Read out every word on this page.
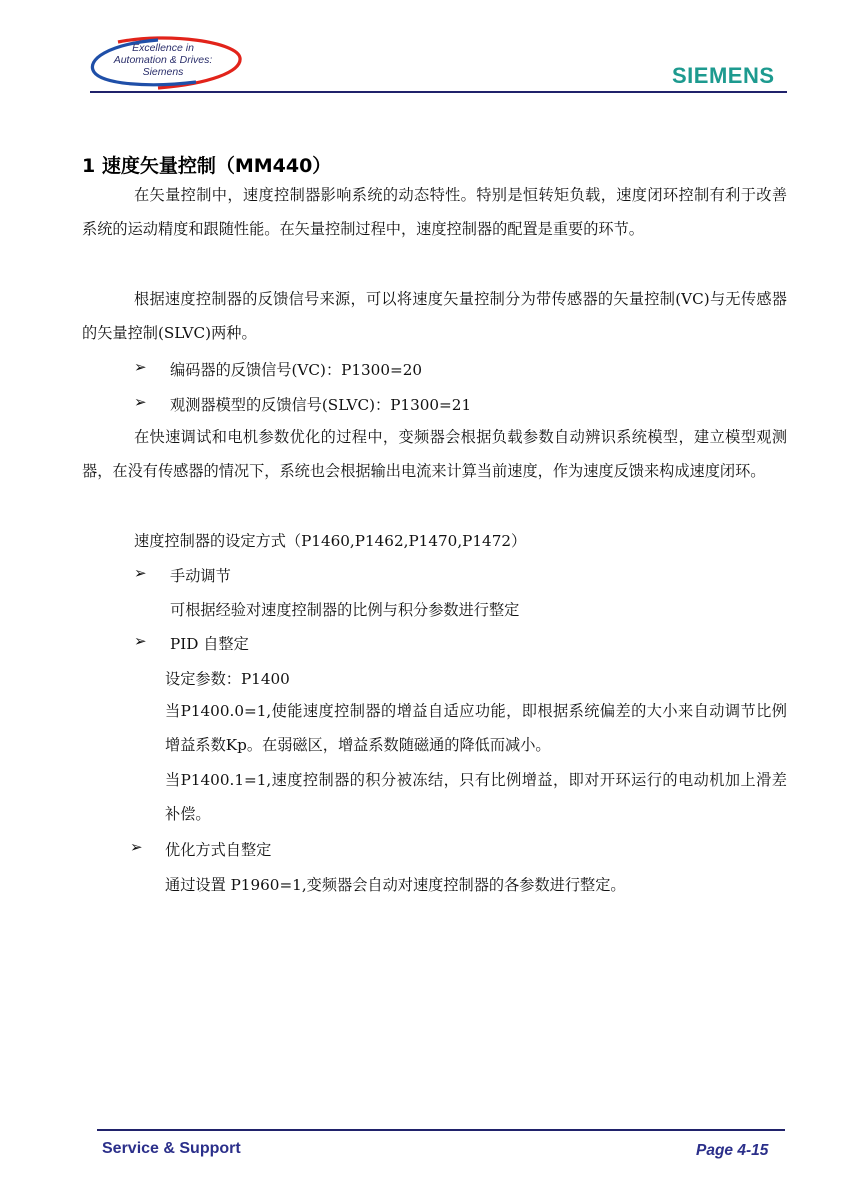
Excellence in
Automation & Drives:
Siemens	SIEMENS
1 速度矢量控制（MM440）
在矢量控制中，速度控制器影响系统的动态特性。特别是恒转矩负载，速度闭环控制有利于改善系统的运动精度和跟随性能。在矢量控制过程中，速度控制器的配置是重要的环节。
根据速度控制器的反馈信号来源，可以将速度矢量控制分为带传感器的矢量控制(VC)与无传感器的矢量控制(SLVC)两种。
➢ 编码器的反馈信号(VC)：P1300=20
➢ 观测器模型的反馈信号(SLVC)：P1300=21
在快速调试和电机参数优化的过程中，变频器会根据负载参数自动辨识系统模型，建立模型观测器，在没有传感器的情况下，系统也会根据输出电流来计算当前速度，作为速度反馈来构成速度闭环。
速度控制器的设定方式（P1460,P1462,P1470,P1472）
➢ 手动调节
可根据经验对速度控制器的比例与积分参数进行整定
➢ PID 自整定
设定参数：P1400
当P1400.0=1,使能速度控制器的增益自适应功能，即根据系统偏差的大小来自动调节比例增益系数Kp。在弱磁区，增益系数随磁通的降低而减小。
当P1400.1=1,速度控制器的积分被冻结，只有比例增益，即对开环运行的电动机加上滑差补偿。
➢ 优化方式自整定
通过设置 P1960=1,变频器会自动对速度控制器的各参数进行整定。
Service & Support	Page 4-15
